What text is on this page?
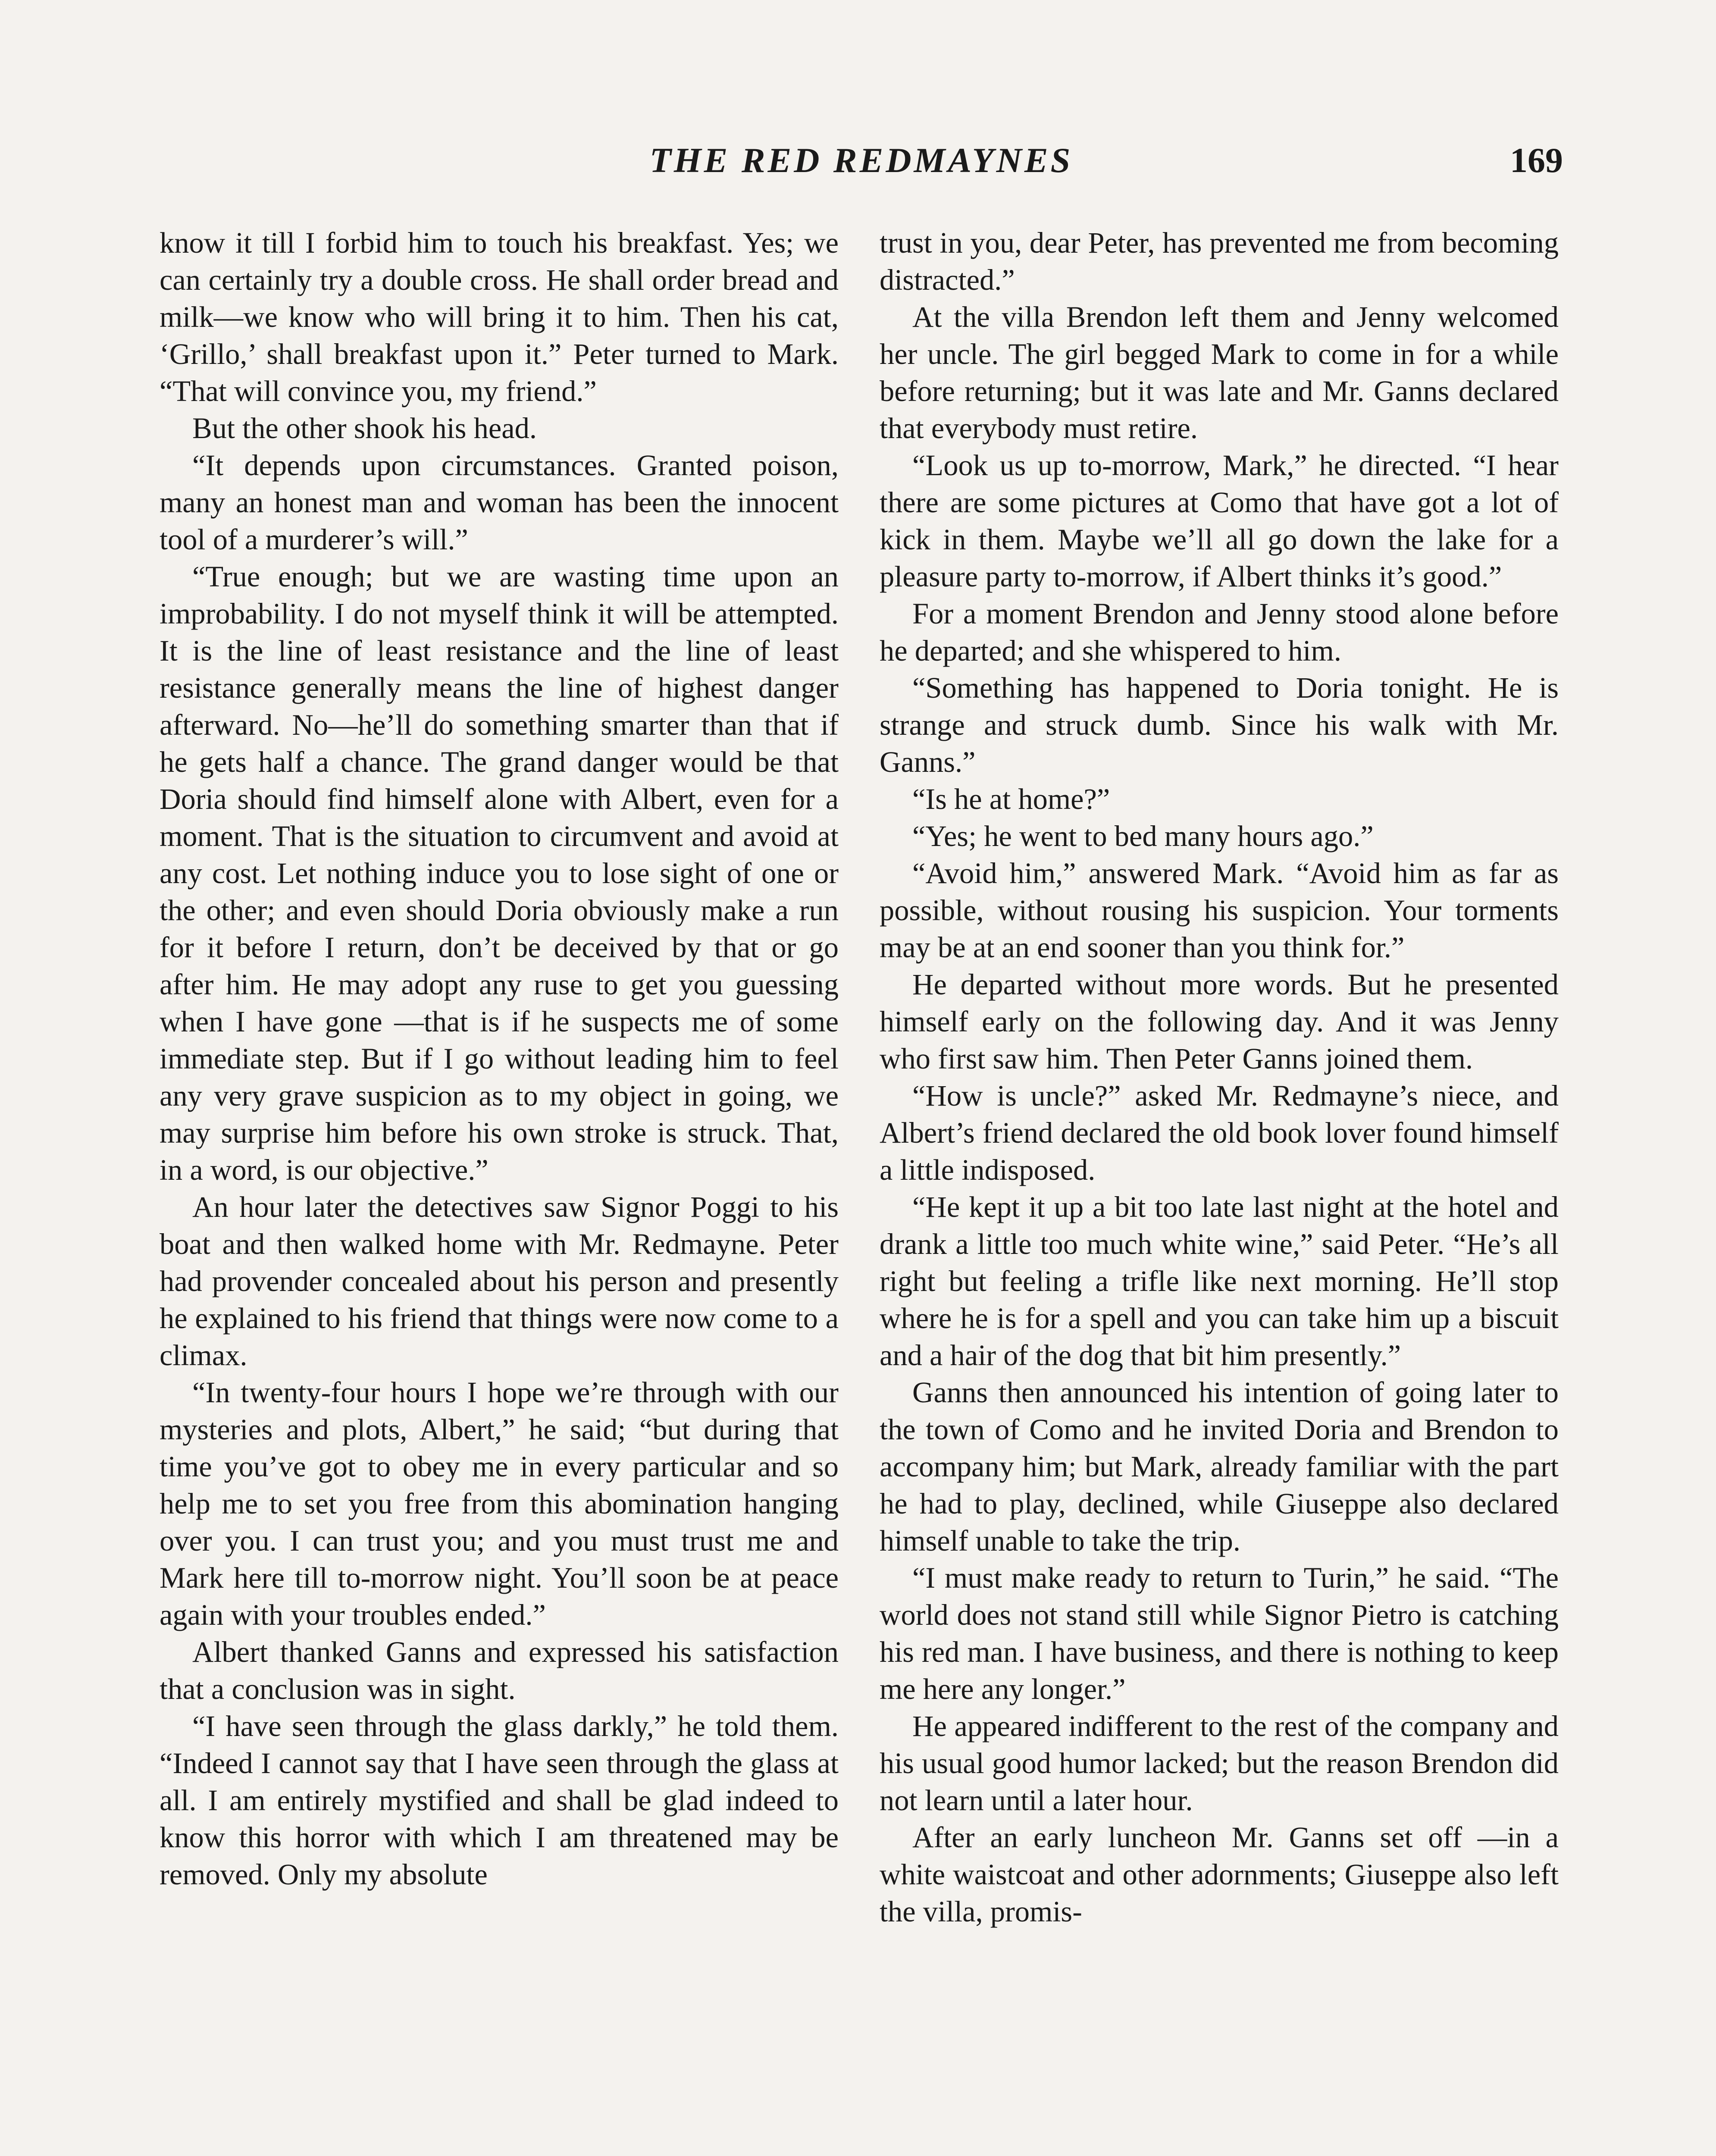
THE RED REDMAYNES	169

know it till I forbid him to touch his breakfast. Yes; we can certainly try a double cross. He shall order bread and milk—we know who will bring it to him. Then his cat, ‘Grillo,’ shall breakfast upon it.” Peter turned to Mark. “That will convince you, my friend.”

But the other shook his head.

“It depends upon circumstances. Granted poison, many an honest man and woman has been the innocent tool of a murderer’s will.”

“True enough; but we are wasting time upon an improbability. I do not myself think it will be attempted. It is the line of least resistance and the line of least resistance generally means the line of highest danger afterward. No—he’ll do something smarter than that if he gets half a chance. The grand danger would be that Doria should find himself alone with Albert, even for a moment. That is the situation to circumvent and avoid at any cost. Let nothing induce you to lose sight of one or the other; and even should Doria obviously make a run for it before I return, don’t be deceived by that or go after him. He may adopt any ruse to get you guessing when I have gone —that is if he suspects me of some immediate step. But if I go without leading him to feel any very grave suspicion as to my object in going, we may surprise him before his own stroke is struck. That, in a word, is our objective.”

An hour later the detectives saw Signor Poggi to his boat and then walked home with Mr. Redmayne. Peter had provender concealed about his person and presently he explained to his friend that things were now come to a climax.

“In twenty-four hours I hope we’re through with our mysteries and plots, Albert,” he said; “but during that time you’ve got to obey me in every particular and so help me to set you free from this abomination hanging over you. I can trust you; and you must trust me and Mark here till to-morrow night. You’ll soon be at peace again with your troubles ended.”

Albert thanked Ganns and expressed his satisfaction that a conclusion was in sight.

“I have seen through the glass darkly,” he told them. “Indeed I cannot say that I have seen through the glass at all. I am entirely mystified and shall be glad indeed to know this horror with which I am threatened may be removed. Only my absolute

trust in you, dear Peter, has prevented me from becoming distracted.”

At the villa Brendon left them and Jenny welcomed her uncle. The girl begged Mark to come in for a while before returning; but it was late and Mr. Ganns declared that everybody must retire.

“Look us up to-morrow, Mark,” he directed. “I hear there are some pictures at Como that have got a lot of kick in them. Maybe we’ll all go down the lake for a pleasure party to-morrow, if Albert thinks it’s good.”

For a moment Brendon and Jenny stood alone before he departed; and she whispered to him.

“Something has happened to Doria tonight. He is strange and struck dumb. Since his walk with Mr. Ganns.”

“Is he at home?”

“Yes; he went to bed many hours ago.”

“Avoid him,” answered Mark. “Avoid him as far as possible, without rousing his suspicion. Your torments may be at an end sooner than you think for.”

He departed without more words. But he presented himself early on the following day. And it was Jenny who first saw him. Then Peter Ganns joined them.

“How is uncle?” asked Mr. Redmayne’s niece, and Albert’s friend declared the old book lover found himself a little indisposed.

“He kept it up a bit too late last night at the hotel and drank a little too much white wine,” said Peter. “He’s all right but feeling a trifle like next morning. He’ll stop where he is for a spell and you can take him up a biscuit and a hair of the dog that bit him presently.”

Ganns then announced his intention of going later to the town of Como and he invited Doria and Brendon to accompany him; but Mark, already familiar with the part he had to play, declined, while Giuseppe also declared himself unable to take the trip.

“I must make ready to return to Turin,” he said. “The world does not stand still while Signor Pietro is catching his red man. I have business, and there is nothing to keep me here any longer.”

He appeared indifferent to the rest of the company and his usual good humor lacked; but the reason Brendon did not learn until a later hour.

After an early luncheon Mr. Ganns set off —in a white waistcoat and other adornments; Giuseppe also left the villa, promis-
